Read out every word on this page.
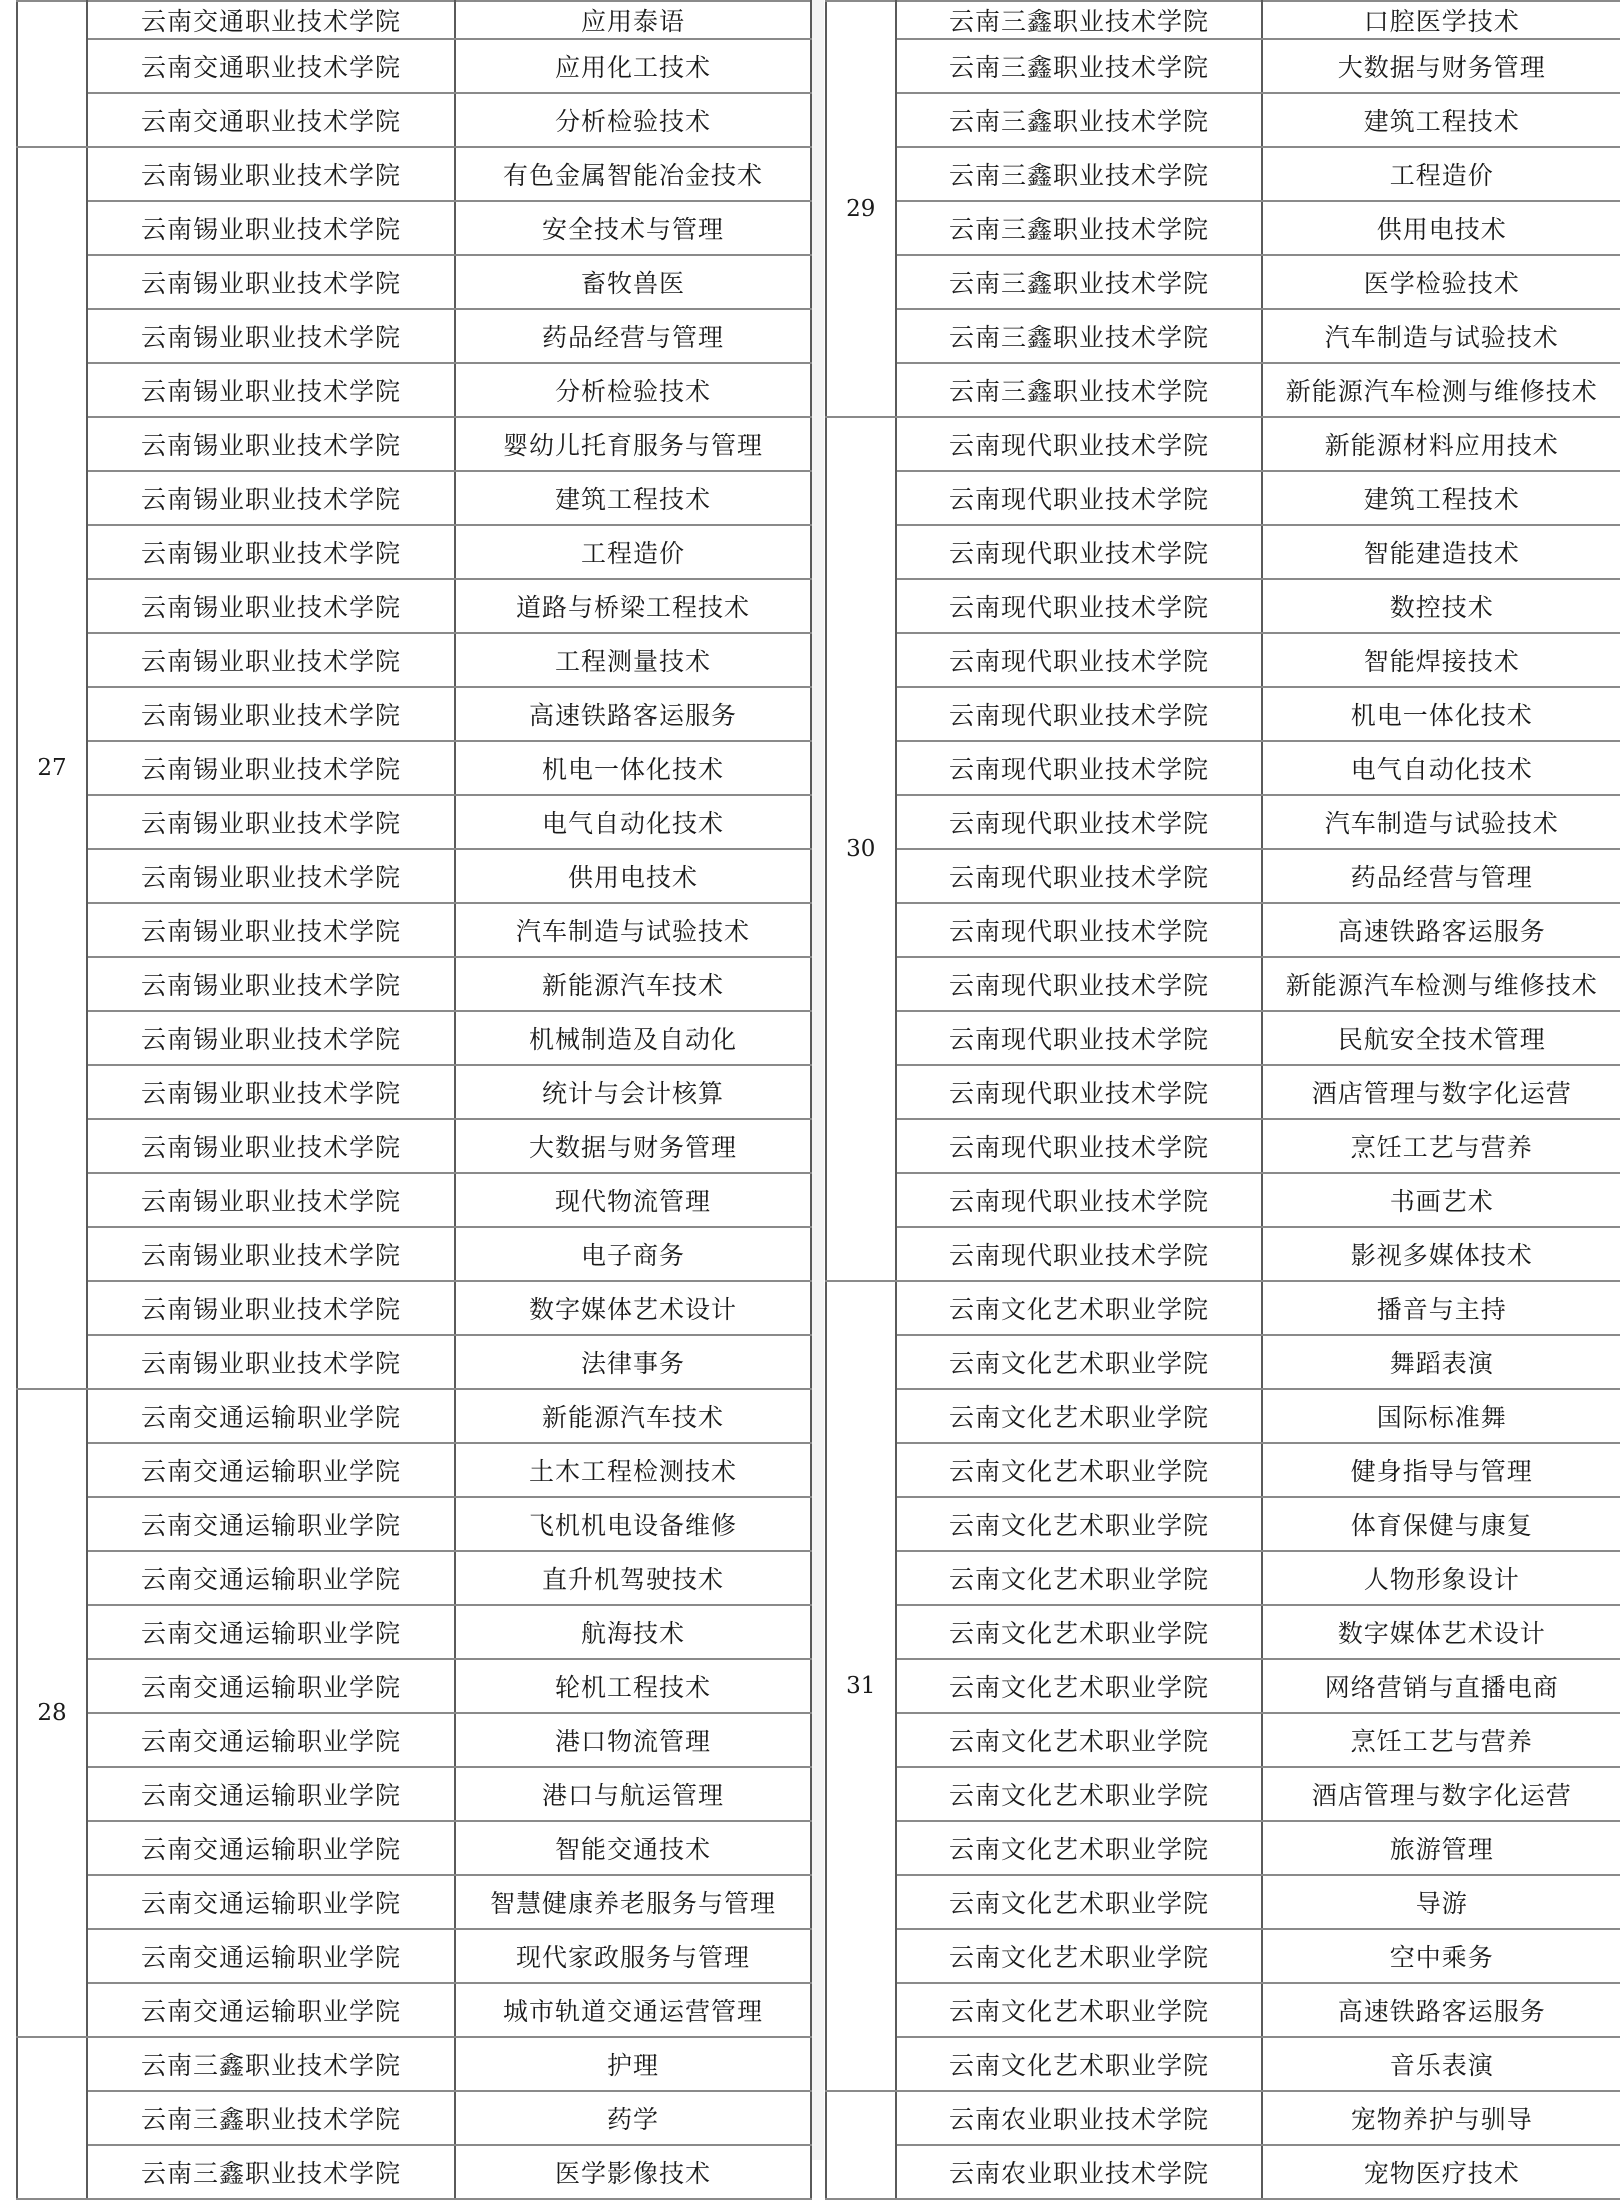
	云南交通职业技术学院	应用泰语
	云南交通职业技术学院	应用化工技术
	云南交通职业技术学院	分析检验技术
27	云南锡业职业技术学院	有色金属智能冶金技术
	云南锡业职业技术学院	安全技术与管理
	云南锡业职业技术学院	畜牧兽医
	云南锡业职业技术学院	药品经营与管理
	云南锡业职业技术学院	分析检验技术
	云南锡业职业技术学院	婴幼儿托育服务与管理
	云南锡业职业技术学院	建筑工程技术
	云南锡业职业技术学院	工程造价
	云南锡业职业技术学院	道路与桥梁工程技术
	云南锡业职业技术学院	工程测量技术
	云南锡业职业技术学院	高速铁路客运服务
	云南锡业职业技术学院	机电一体化技术
	云南锡业职业技术学院	电气自动化技术
	云南锡业职业技术学院	供用电技术
	云南锡业职业技术学院	汽车制造与试验技术
	云南锡业职业技术学院	新能源汽车技术
	云南锡业职业技术学院	机械制造及自动化
	云南锡业职业技术学院	统计与会计核算
	云南锡业职业技术学院	大数据与财务管理
	云南锡业职业技术学院	现代物流管理
	云南锡业职业技术学院	电子商务
	云南锡业职业技术学院	数字媒体艺术设计
	云南锡业职业技术学院	法律事务
28	云南交通运输职业学院	新能源汽车技术
	云南交通运输职业学院	土木工程检测技术
	云南交通运输职业学院	飞机机电设备维修
	云南交通运输职业学院	直升机驾驶技术
	云南交通运输职业学院	航海技术
	云南交通运输职业学院	轮机工程技术
	云南交通运输职业学院	港口物流管理
	云南交通运输职业学院	港口与航运管理
	云南交通运输职业学院	智能交通技术
	云南交通运输职业学院	智慧健康养老服务与管理
	云南交通运输职业学院	现代家政服务与管理
	云南交通运输职业学院	城市轨道交通运营管理
	云南三鑫职业技术学院	护理
	云南三鑫职业技术学院	药学
	云南三鑫职业技术学院	医学影像技术
29	云南三鑫职业技术学院	口腔医学技术
	云南三鑫职业技术学院	大数据与财务管理
	云南三鑫职业技术学院	建筑工程技术
	云南三鑫职业技术学院	工程造价
	云南三鑫职业技术学院	供用电技术
	云南三鑫职业技术学院	医学检验技术
	云南三鑫职业技术学院	汽车制造与试验技术
	云南三鑫职业技术学院	新能源汽车检测与维修技术
30	云南现代职业技术学院	新能源材料应用技术
	云南现代职业技术学院	建筑工程技术
	云南现代职业技术学院	智能建造技术
	云南现代职业技术学院	数控技术
	云南现代职业技术学院	智能焊接技术
	云南现代职业技术学院	机电一体化技术
	云南现代职业技术学院	电气自动化技术
	云南现代职业技术学院	汽车制造与试验技术
	云南现代职业技术学院	药品经营与管理
	云南现代职业技术学院	高速铁路客运服务
	云南现代职业技术学院	新能源汽车检测与维修技术
	云南现代职业技术学院	民航安全技术管理
	云南现代职业技术学院	酒店管理与数字化运营
	云南现代职业技术学院	烹饪工艺与营养
	云南现代职业技术学院	书画艺术
	云南现代职业技术学院	影视多媒体技术
31	云南文化艺术职业学院	播音与主持
	云南文化艺术职业学院	舞蹈表演
	云南文化艺术职业学院	国际标准舞
	云南文化艺术职业学院	健身指导与管理
	云南文化艺术职业学院	体育保健与康复
	云南文化艺术职业学院	人物形象设计
	云南文化艺术职业学院	数字媒体艺术设计
	云南文化艺术职业学院	网络营销与直播电商
	云南文化艺术职业学院	烹饪工艺与营养
	云南文化艺术职业学院	酒店管理与数字化运营
	云南文化艺术职业学院	旅游管理
	云南文化艺术职业学院	导游
	云南文化艺术职业学院	空中乘务
	云南文化艺术职业学院	高速铁路客运服务
	云南文化艺术职业学院	音乐表演
	云南农业职业技术学院	宠物养护与驯导
	云南农业职业技术学院	宠物医疗技术
